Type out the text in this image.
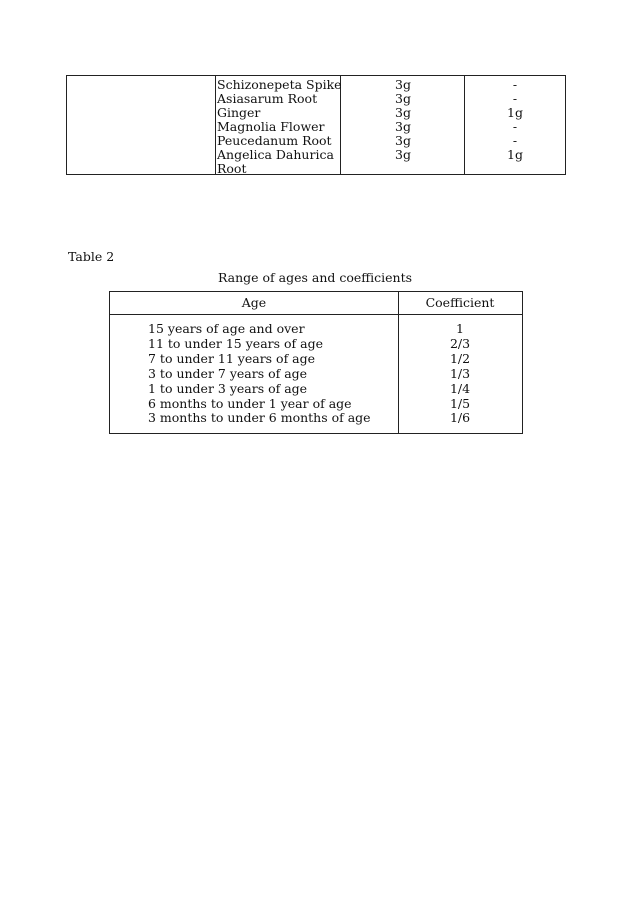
Schizonepeta Spike
Asiasarum Root
Ginger
Magnolia Flower
Peucedanum Root
Angelica Dahurica Root
3g
3g
3g
3g
3g
3g
-
-
1g
-
-
1g
Table 2
Range of ages and coefficients
Age	Coefficient
15 years of age and over
11 to under 15 years of age
7 to under 11 years of age
3 to under 7 years of age
1 to under 3 years of age
6 months to under 1 year of age
3 months to under 6 months of age
1
2/3
1/2
1/3
1/4
1/5
1/6
